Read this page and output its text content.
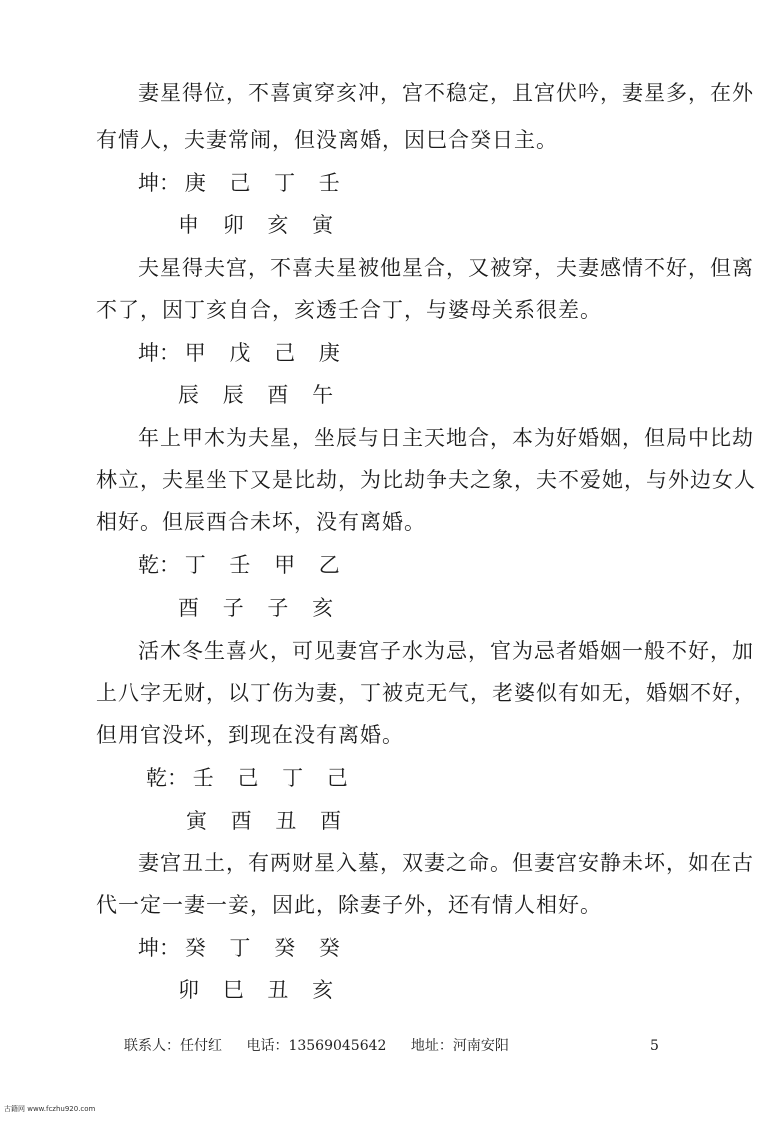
妻星得位，不喜寅穿亥冲，宫不稳定，且宫伏吟，妻星多，在外
有情人，夫妻常闹，但没离婚，因巳合癸日主。
坤： 庚 己 丁 壬
申 卯 亥 寅
夫星得夫宫，不喜夫星被他星合，又被穿，夫妻感情不好，但离
不了，因丁亥自合，亥透壬合丁，与婆母关系很差。
坤： 甲 戊 己 庚
辰 辰 酉 午
年上甲木为夫星，坐辰与日主天地合，本为好婚姻，但局中比劫
林立，夫星坐下又是比劫，为比劫争夫之象，夫不爱她，与外边女人
相好。但辰酉合未坏，没有离婚。
乾： 丁 壬 甲 乙
酉 子 子 亥
活木冬生喜火，可见妻宫子水为忌，官为忌者婚姻一般不好，加
上八字无财，以丁伤为妻，丁被克无气，老婆似有如无，婚姻不好，
但用官没坏，到现在没有离婚。
乾： 壬 己 丁 己
寅 酉 丑 酉
妻宫丑土，有两财星入墓，双妻之命。但妻宫安静未坏，如在古
代一定一妻一妾，因此，除妻子外，还有情人相好。
坤： 癸 丁 癸 癸
卯 巳 丑 亥
联系人：任付红 电话：13569045642 地址：河南安阳	5
古籍网 www.fczhu920.com
